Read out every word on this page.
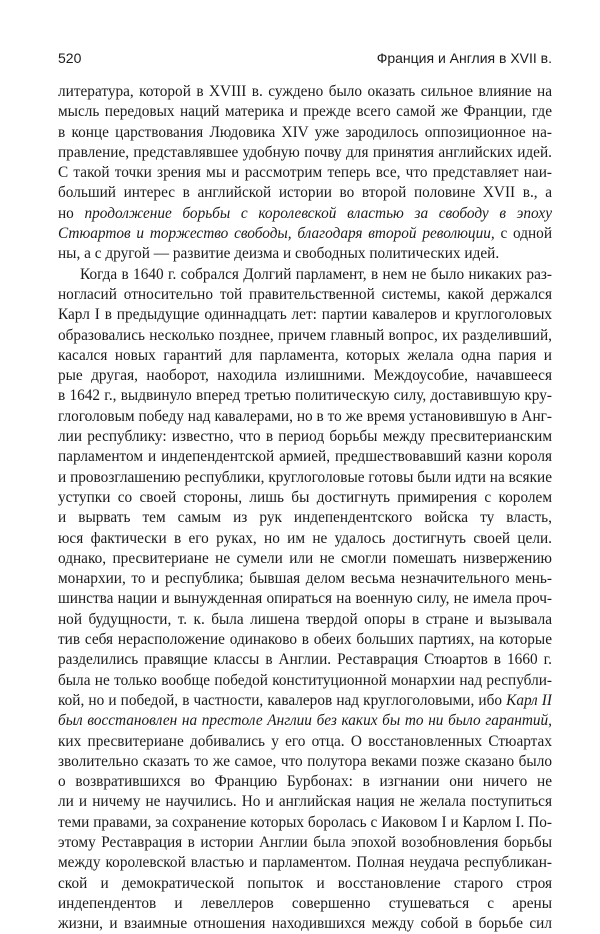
520	Франция и Англия в XVII в.
литература, которой в XVIII в. суждено было оказать сильное влияние на
мысль передовых наций материка и прежде всего самой же Франции, где
в конце царствования Людовика XIV уже зародилось оппозиционное на-
правление, представлявшее удобную почву для принятия английских идей.
С такой точки зрения мы и рассмотрим теперь все, что представляет наи-
больший интерес в английской истории во второй половине XVII в., а
но продолжение борьбы с королевской властью за свободу в эпоху
Стюартов и торжество свободы, благодаря второй революции, с одной
ны, а с другой — развитие деизма и свободных политических идей.
Когда в 1640 г. собрался Долгий парламент, в нем не было никаких раз-
ногласий относительно той правительственной системы, какой держался
Карл I в предыдущие одиннадцать лет: партии кавалеров и круглоголовых
образовались несколько позднее, причем главный вопрос, их разделивший,
касался новых гарантий для парламента, которых желала одна пария и
рые другая, наоборот, находила излишними. Междоусобие, начавшееся
в 1642 г., выдвинуло вперед третью политическую силу, доставившую кру-
глоголовым победу над кавалерами, но в то же время установившую в Анг-
лии республику: известно, что в период борьбы между пресвитерианским
парламентом и индепендентской армией, предшествовавший казни короля
и провозглашению республики, круглоголовые готовы были идти на всякие
уступки со своей стороны, лишь бы достигнуть примирения с королем
и вырвать тем самым из рук индепендентского войска ту власть,
юся фактически в его руках, но им не удалось достигнуть своей цели.
однако, пресвитериане не сумели или не смогли помешать низвержению
монархии, то и республика; бывшая делом весьма незначительного мень-
шинства нации и вынужденная опираться на военную силу, не имела проч-
ной будущности, т. к. была лишена твердой опоры в стране и вызывала
тив себя нерасположение одинаково в обеих больших партиях, на которые
разделились правящие классы в Англии. Реставрация Стюартов в 1660 г.
была не только вообще победой конституционной монархии над республи-
кой, но и победой, в частности, кавалеров над круглоголовыми, ибо Карл II
был восстановлен на престоле Англии без каких бы то ни было гарантий,
ких пресвитериане добивались у его отца. О восстановленных Стюартах
зволительно сказать то же самое, что полутора веками позже сказано было
о возвратившихся во Францию Бурбонах: в изгнании они ничего не
ли и ничему не научились. Но и английская нация не желала поступиться
теми правами, за сохранение которых боролась с Иаковом I и Карлом I. По-
этому Реставрация в истории Англии была эпохой возобновления борьбы
между королевской властью и парламентом. Полная неудача республикан-
ской и демократической попыток и восстановление старого строя
индепендентов и левеллеров совершенно стушеваться с арены
жизни, и взаимные отношения находившихся между собой в борьбе сил
